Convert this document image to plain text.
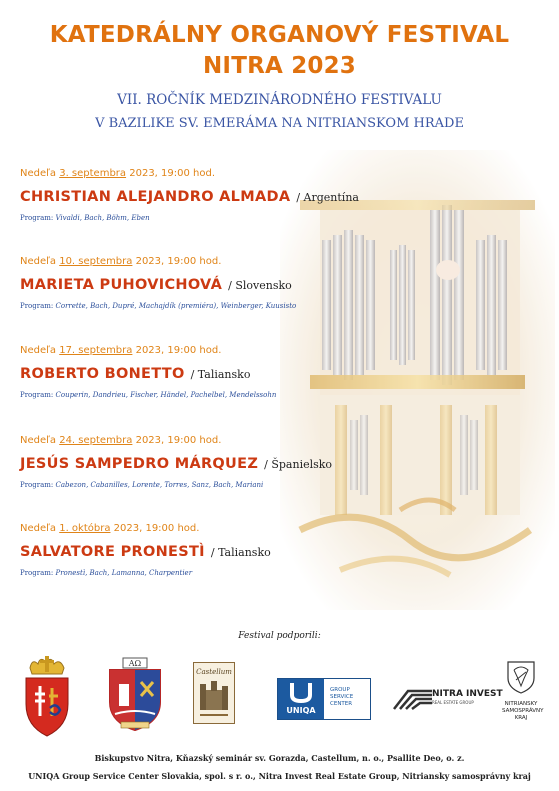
KATEDRÁLNY ORGANOVÝ FESTIVAL
NITRA 2023
VII. ROČNÍK MEDZINÁRODNÉHO FESTIVALU
V BAZILIKE SV. EMERÁMA NA NITRIANSKOM HRADE
Nedeľa 3. septembra 2023, 19:00 hod.
CHRISTIAN ALEJANDRO ALMADA / Argentína
Program: Vivaldi, Bach, Böhm, Eben
Nedeľa 10. septembra 2023, 19:00 hod.
MARIETA PUHOVICHOVÁ / Slovensko
Program: Corrette, Bach, Dupré, Machajdík (premiéra), Weinberger, Kuusisto
Nedeľa 17. septembra 2023, 19:00 hod.
ROBERTO BONETTO / Taliansko
Program: Couperin, Dandrieu, Fischer, Händel, Pachelbel, Mendelssohn
Nedeľa 24. septembra 2023, 19:00 hod.
JESÚS SAMPEDRO MÁRQUEZ / Španielsko
Program: Cabezon, Cabanilles, Lorente, Torres, Sanz, Bach, Mariani
Nedeľa 1. októbra 2023, 19:00 hod.
SALVATORE PRONESTÌ / Taliansko
Program: Pronestì, Bach, Lamanna, Charpentier
Festival podporili:
ΑΩ
Castellum
UNIQA
GROUP SERVICE CENTER
NITRA INVEST
REAL ESTATE GROUP	NITRIANSKY SAMOSPRÁVNY KRAJ
Biskupstvo Nitra, Kňazský seminár sv. Gorazda, Castellum, n. o., Psallite Deo, o. z.
UNIQA Group Service Center Slovakia, spol. s r. o., Nitra Invest Real Estate Group, Nitriansky samosprávny kraj
